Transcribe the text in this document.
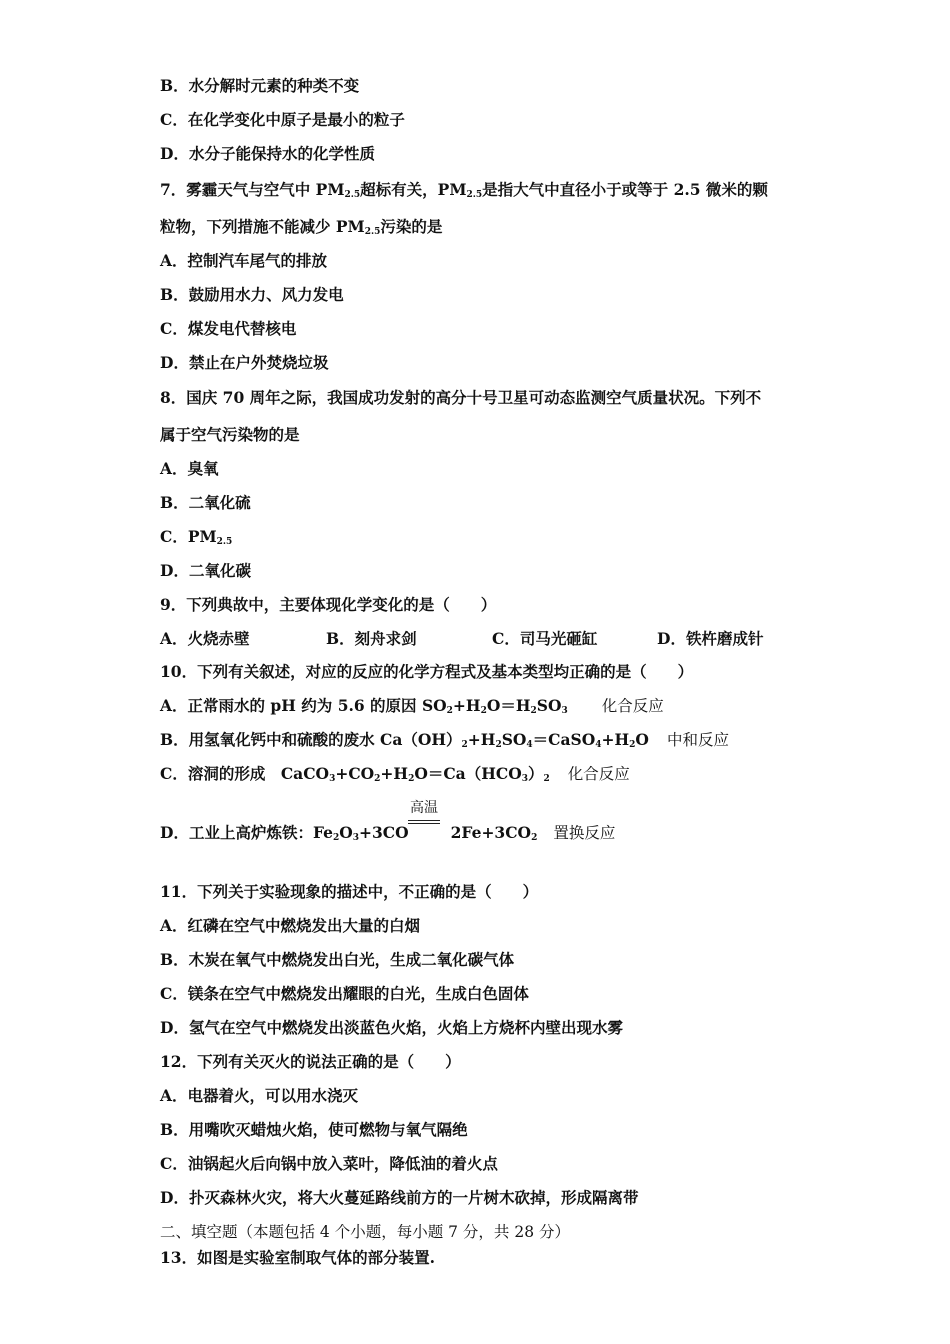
B．水分解时元素的种类不变
C．在化学变化中原子是最小的粒子
D．水分子能保持水的化学性质
7．雾霾天气与空气中 $PM_{2.5}$超标有关，$PM_{2.5}$是指大气中直径小于或等于 2.5 微米的颗
粒物，下列措施不能减少 $PM_{2.5}$污染的是
A．控制汽车尾气的排放
B．鼓励用水力、风力发电
C．煤发电代替核电
D．禁止在户外焚烧垃圾
8．国庆 70 周年之际，我国成功发射的高分十号卫星可动态监测空气质量状况。下列不
属于空气污染物的是
A．臭氧
B．二氧化硫
C．$PM_{2.5}$
D．二氧化碳
9．下列典故中，主要体现化学变化的是（　　）
A．火烧赤壁	B．刻舟求剑	C．司马光砸缸	D．铁杵磨成针
10．下列有关叙述，对应的反应的化学方程式及基本类型均正确的是（　　）
A．正常雨水的 pH 约为 5.6 的原因 $SO_2+H_2O=H_2SO_3$ 化合反应
B．用氢氧化钙中和硫酸的废水 $Ca(OH)_2+H_2SO_4=CaSO_4+H_2O$ 中和反应
C．溶洞的形成　$CaCO_3+CO_2+H_2O=Ca(HCO_3)_2$ 化合反应
D．工业上高炉炼铁：$Fe_2O_3+3CO$	$2Fe+3CO_2$ 置换反应
高温
11．下列关于实验现象的描述中，不正确的是（　　）
A．红磷在空气中燃烧发出大量的白烟
B．木炭在氧气中燃烧发出白光，生成二氧化碳气体
C．镁条在空气中燃烧发出耀眼的白光，生成白色固体
D．氢气在空气中燃烧发出淡蓝色火焰，火焰上方烧杯内壁出现水雾
12．下列有关灭火的说法正确的是（　　）
A．电器着火，可以用水浇灭
B．用嘴吹灭蜡烛火焰，使可燃物与氧气隔绝
C．油锅起火后向锅中放入菜叶，降低油的着火点
D．扑灭森林火灾，将大火蔓延路线前方的一片树木砍掉，形成隔离带
二、填空题（本题包括 4 个小题，每小题 7 分，共 28 分）
13．如图是实验室制取气体的部分装置.
